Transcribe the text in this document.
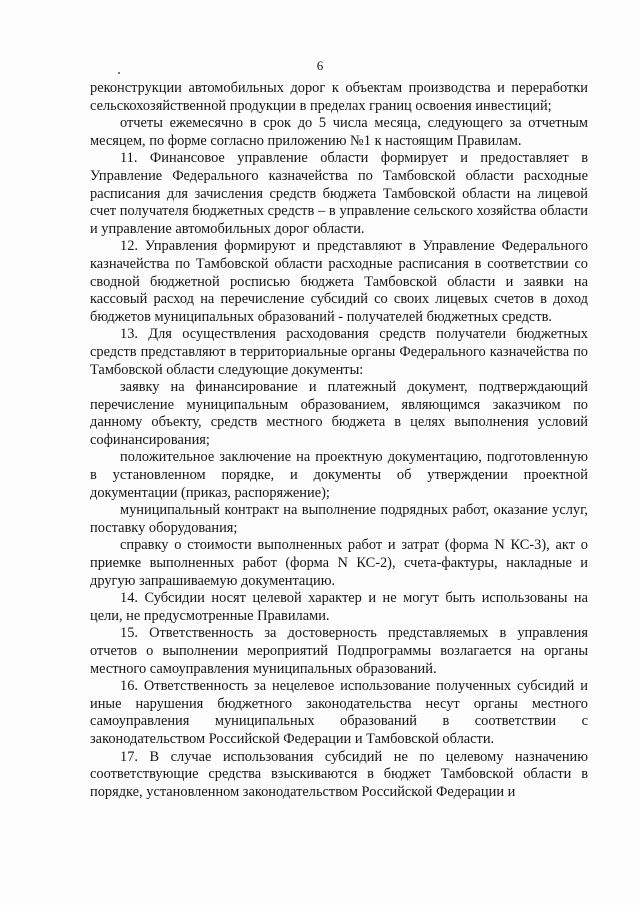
6

реконструкции автомобильных дорог к объектам производства и переработки сельскохозяйственной продукции в пределах границ освоения инвестиций;

отчеты ежемесячно в срок до 5 числа месяца, следующего за отчетным месяцем, по форме согласно приложению №1 к настоящим Правилам.

11. Финансовое управление области формирует и предоставляет в Управление Федерального казначейства по Тамбовской области расходные расписания для зачисления средств бюджета Тамбовской области на лицевой счет получателя бюджетных средств – в управление сельского хозяйства области и управление автомобильных дорог области.

12. Управления формируют и представляют в Управление Федерального казначейства по Тамбовской области расходные расписания в соответствии со сводной бюджетной росписью бюджета Тамбовской области и заявки на кассовый расход на перечисление субсидий со своих лицевых счетов в доход бюджетов муниципальных образований - получателей бюджетных средств.

13. Для осуществления расходования средств получатели бюджетных средств представляют в территориальные органы Федерального казначейства по Тамбовской области следующие документы:

заявку на финансирование и платежный документ, подтверждающий перечисление муниципальным образованием, являющимся заказчиком по данному объекту, средств местного бюджета в целях выполнения условий софинансирования;

положительное заключение на проектную документацию, подготовленную в установленном порядке, и документы об утверждении проектной документации (приказ, распоряжение);

муниципальный контракт на выполнение подрядных работ, оказание услуг, поставку оборудования;

справку о стоимости выполненных работ и затрат (форма N КС-3), акт о приемке выполненных работ (форма N КС-2), счета-фактуры, накладные и другую запрашиваемую документацию.

14. Субсидии носят целевой характер и не могут быть использованы на цели, не предусмотренные Правилами.

15. Ответственность за достоверность представляемых в управления отчетов о выполнении мероприятий Подпрограммы возлагается на органы местного самоуправления муниципальных образований.

16. Ответственность за нецелевое использование полученных субсидий и иные нарушения бюджетного законодательства несут органы местного самоуправления муниципальных образований в соответствии с законодательством Российской Федерации и Тамбовской области.

17. В случае использования субсидий не по целевому назначению соответствующие средства взыскиваются в бюджет Тамбовской области в порядке, установленном законодательством Российской Федерации и
